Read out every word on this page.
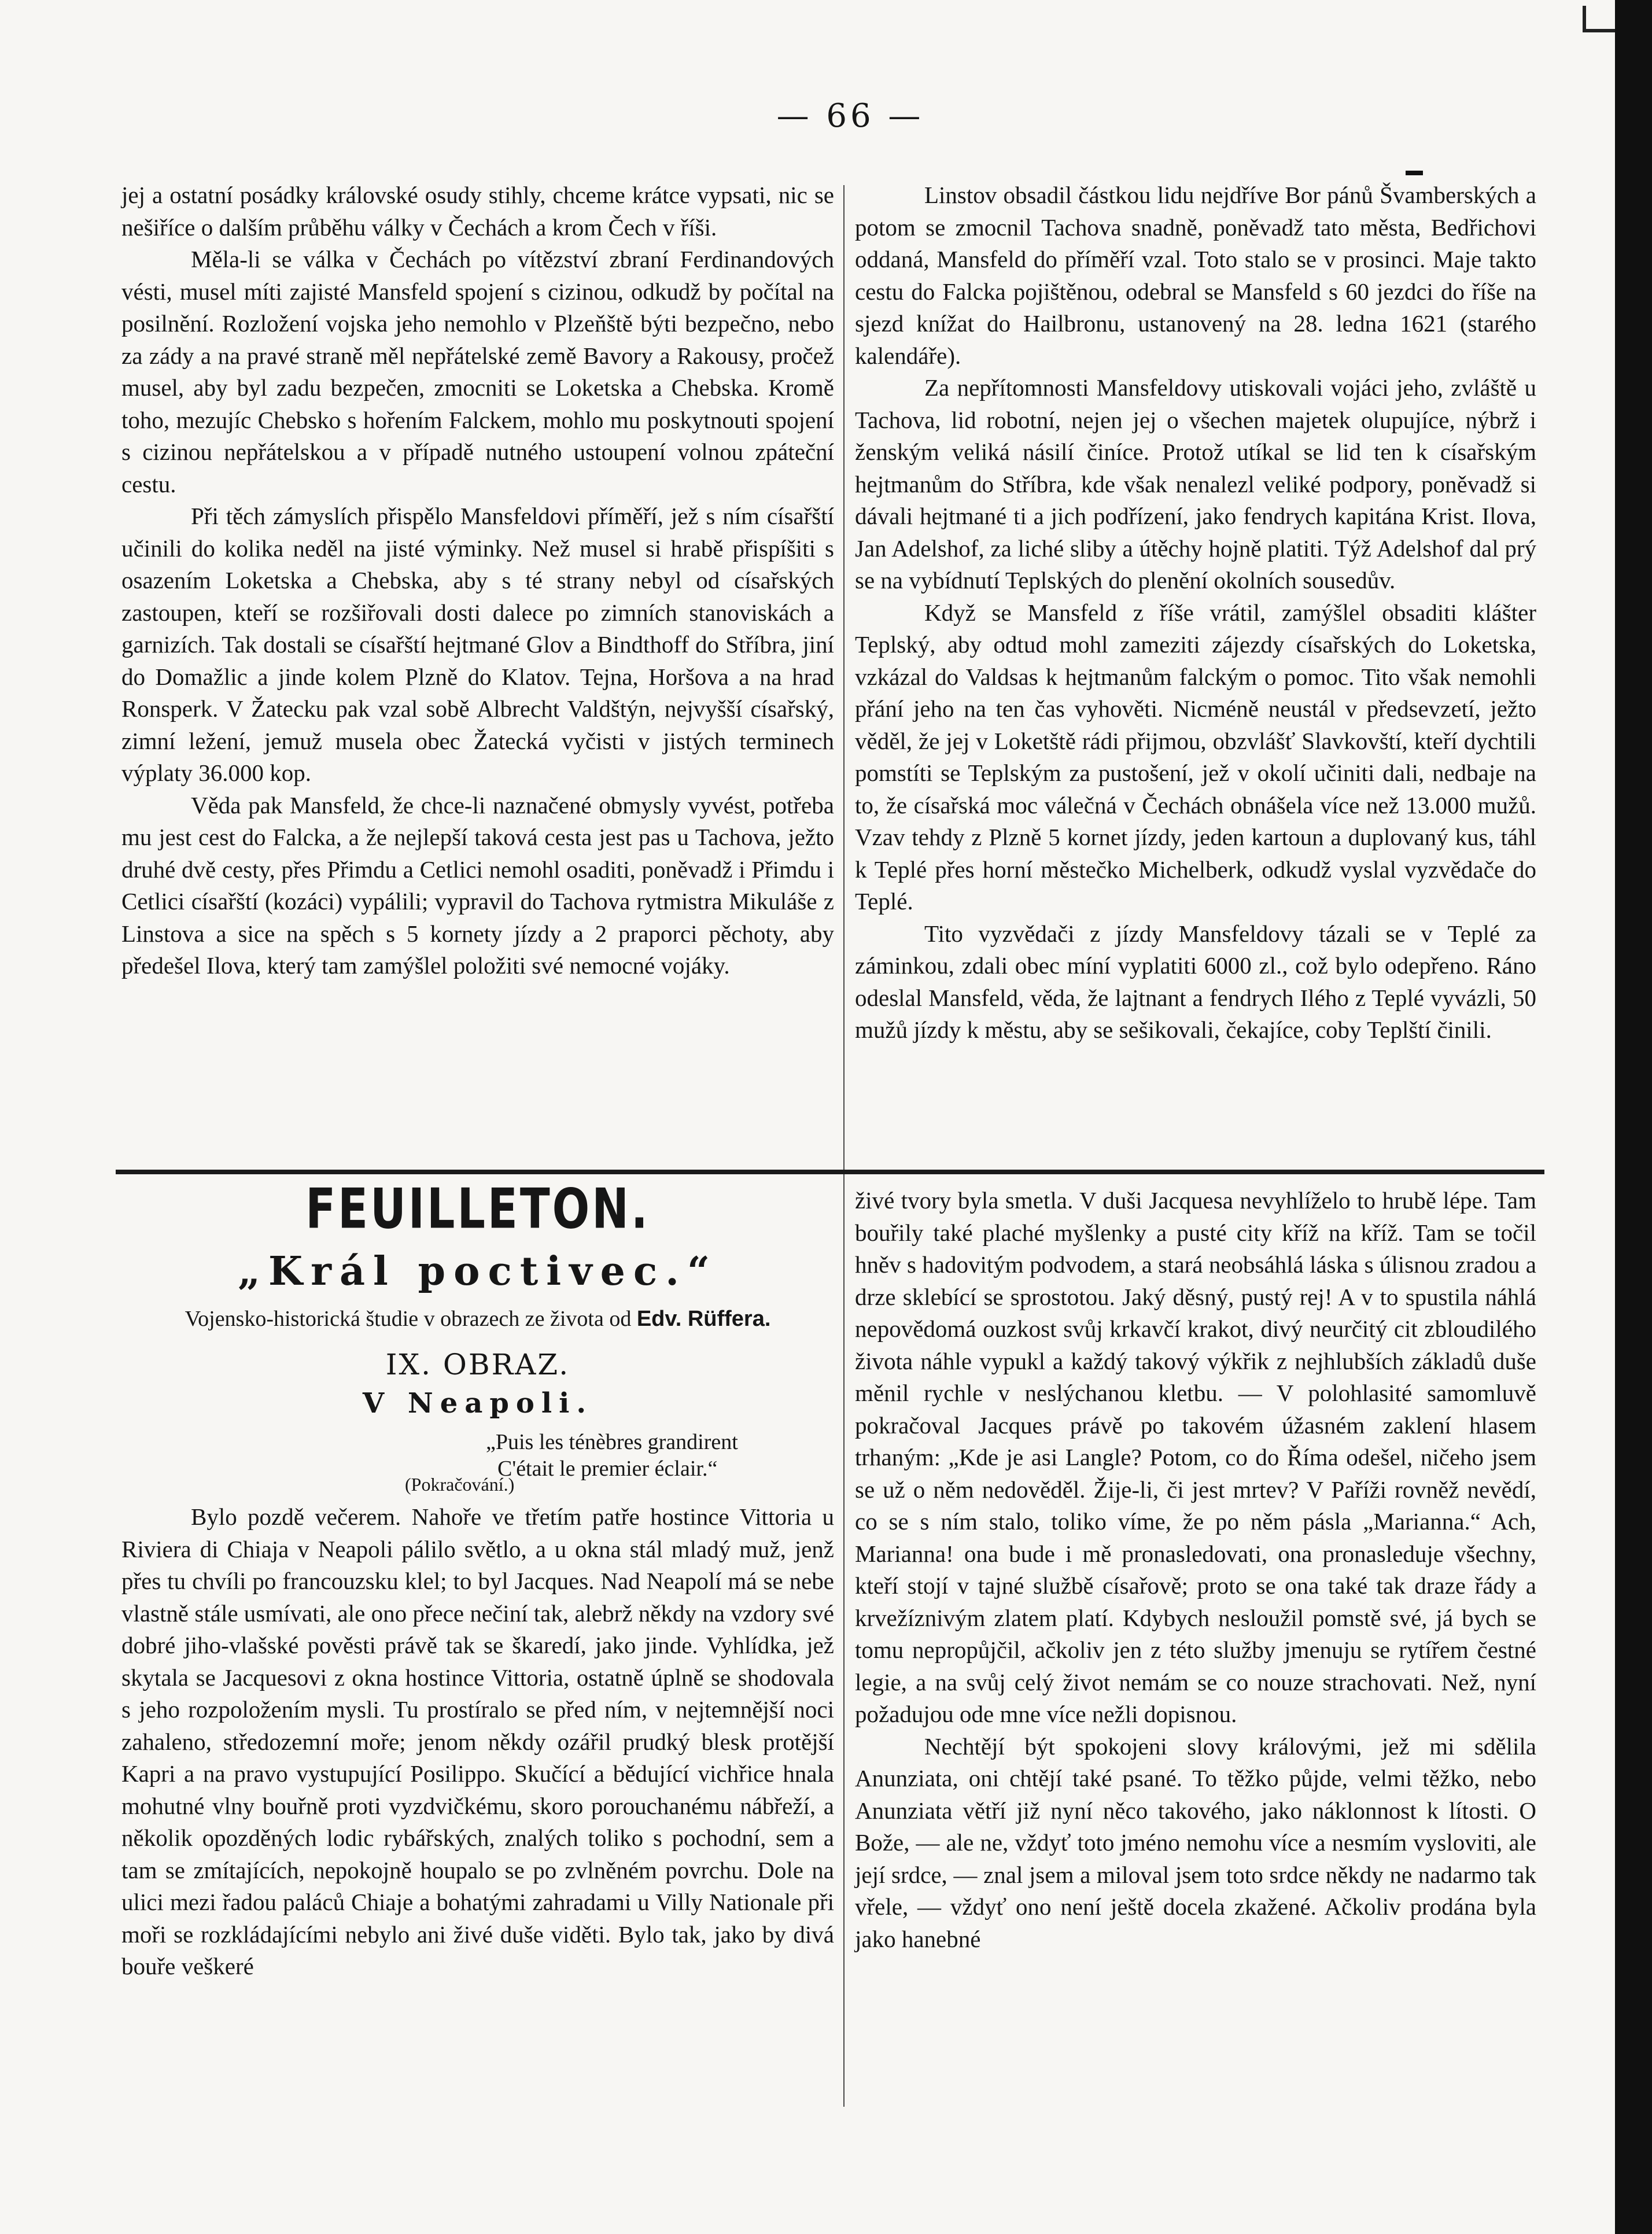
— 66 —

jej a ostatní posádky královské osudy stihly, chceme krátce vypsati, nic se nešiříce o dalším průběhu války v Čechách a krom Čech v říši.

Měla-li se válka v Čechách po vítězství zbraní Ferdinandových vésti, musel míti zajisté Mansfeld spojení s cizinou, odkudž by počítal na posilnění. Rozložení vojska jeho nemohlo v Plzeňště býti bezpečno, nebo za zády a na pravé straně měl nepřátelské země Bavory a Rakousy, pročež musel, aby byl zadu bezpečen, zmocniti se Loketska a Chebska. Kromě toho, mezujíc Chebsko s hořením Falckem, mohlo mu poskytnouti spojení s cizinou nepřátelskou a v případě nutného ustoupení volnou zpáteční cestu.

Při těch zámyslích přispělo Mansfeldovi příměří, jež s ním císařští učinili do kolika neděl na jisté výminky. Než musel si hrabě přispíšiti s osazením Loketska a Chebska, aby s té strany nebyl od císařských zastoupen, kteří se rozšiřovali dosti dalece po zimních stanoviskách a garnizích. Tak dostali se císařští hejtmané Glov a Bindthoff do Stříbra, jiní do Domažlic a jinde kolem Plzně do Klatov. Tejna, Horšova a na hrad Ronsperk. V Žatecku pak vzal sobě Albrecht Valdštýn, nejvyšší císařský, zimní ležení, jemuž musela obec Žatecká vyčisti v jistých terminech výplaty 36.000 kop.

Věda pak Mansfeld, že chce-li naznačené obmysly vyvést, potřeba mu jest cest do Falcka, a že nejlepší taková cesta jest pas u Tachova, ježto druhé dvě cesty, přes Přimdu a Cetlici nemohl osaditi, poněvadž i Přimdu i Cetlici císařští (kozáci) vypálili; vypravil do Tachova rytmistra Mikuláše z Linstova a sice na spěch s 5 kornety jízdy a 2 praporci pěchoty, aby předešel Ilova, který tam zamýšlel položiti své nemocné vojáky.

Linstov obsadil částkou lidu nejdříve Bor pánů Švamberských a potom se zmocnil Tachova snadně, poněvadž tato města, Bedřichovi oddaná, Mansfeld do příměří vzal. Toto stalo se v prosinci. Maje takto cestu do Falcka pojištěnou, odebral se Mansfeld s 60 jezdci do říše na sjezd knížat do Hailbronu, ustanovený na 28. ledna 1621 (starého kalendáře).

Za nepřítomnosti Mansfeldovy utiskovali vojáci jeho, zvláště u Tachova, lid robotní, nejen jej o všechen majetek olupujíce, nýbrž i ženským veliká násilí činíce. Protož utíkal se lid ten k císařským hejtmanům do Stříbra, kde však nenalezl veliké podpory, poněvadž si dávali hejtmané ti a jich podřízení, jako fendrych kapitána Krist. Ilova, Jan Adelshof, za liché sliby a útěchy hojně platiti. Týž Adelshof dal prý se na vybídnutí Teplských do plenění okolních sousedův.

Když se Mansfeld z říše vrátil, zamýšlel obsaditi klášter Teplský, aby odtud mohl zameziti zájezdy císařských do Loketska, vzkázal do Valdsas k hejtmanům falckým o pomoc. Tito však nemohli přání jeho na ten čas vyhověti. Nicméně neustál v předsevzetí, ježto věděl, že jej v Loketště rádi přijmou, obzvlášť Slavkovští, kteří dychtili pomstíti se Teplským za pustošení, jež v okolí učiniti dali, nedbaje na to, že císařská moc válečná v Čechách obnášela více než 13.000 mužů. Vzav tehdy z Plzně 5 kornet jízdy, jeden kartoun a duplovaný kus, táhl k Teplé přes horní městečko Michelberk, odkudž vyslal vyzvědače do Teplé.

Tito vyzvědači z jízdy Mansfeldovy tázali se v Teplé za záminkou, zdali obec míní vyplatiti 6000 zl., což bylo odepřeno. Ráno odeslal Mansfeld, věda, že lajtnant a fendrych Ilého z Teplé vyvázli, 50 mužů jízdy k městu, aby se sešikovali, čekajíce, coby Teplští činili.

FEUILLETON.
„Král poctivec.“
Vojensko-historická študie v obrazech ze života od Edv. Rüffera.
IX. OBRAZ.
V Neapoli.
„Puis les ténèbres grandirent
C'était le premier éclair.“
(Pokračování.)

Bylo pozdě večerem. Nahoře ve třetím patře hostince Vittoria u Riviera di Chiaja v Neapoli pálilo světlo, a u okna stál mladý muž, jenž přes tu chvíli po francouzsku klel; to byl Jacques. Nad Neapolí má se nebe vlastně stále usmívati, ale ono přece nečiní tak, alebrž někdy na vzdory své dobré jiho-vlašské pověsti právě tak se škaredí, jako jinde. Vyhlídka, jež skytala se Jacquesovi z okna hostince Vittoria, ostatně úplně se shodovala s jeho rozpoložením mysli. Tu prostíralo se před ním, v nejtemnější noci zahaleno, středozemní moře; jenom někdy ozářil prudký blesk protější Kapri a na pravo vystupující Posilippo. Skučící a bědující vichřice hnala mohutné vlny bouřně proti vyzdvičkému, skoro porouchanému nábřeží, a několik opozděných lodic rybářských, znalých toliko s pochodní, sem a tam se zmítajících, nepokojně houpalo se po zvlněném povrchu. Dole na ulici mezi řadou paláců Chiaje a bohatými zahradami u Villy Nationale při moři se rozkládajícími nebylo ani živé duše viděti. Bylo tak, jako by divá bouře veškeré

živé tvory byla smetla. V duši Jacquesa nevyhlíželo to hrubě lépe. Tam bouřily také plaché myšlenky a pusté city kříž na kříž. Tam se točil hněv s hadovitým podvodem, a stará neobsáhlá láska s úlisnou zradou a drze sklebící se sprostotou. Jaký děsný, pustý rej! A v to spustila náhlá nepovědomá ouzkost svůj krkavčí krakot, divý neurčitý cit zbloudilého života náhle vypukl a každý takový výkřik z nejhlubších základů duše měnil rychle v neslýchanou kletbu. — V polohlasité samomluvě pokračoval Jacques právě po takovém úžasném zaklení hlasem trhaným: „Kde je asi Langle? Potom, co do Říma odešel, ničeho jsem se už o něm nedověděl. Žije-li, či jest mrtev? V Paříži rovněž nevědí, co se s ním stalo, toliko víme, že po něm pásla „Marianna.“ Ach, Marianna! ona bude i mě pronasledovati, ona pronasleduje všechny, kteří stojí v tajné službě císařově; proto se ona také tak draze řády a krvežíznivým zlatem platí. Kdybych nesloužil pomstě své, já bych se tomu nepropůjčil, ačkoliv jen z této služby jmenuju se rytířem čestné legie, a na svůj celý život nemám se co nouze strachovati. Než, nyní požadujou ode mne více nežli dopisnou.

Nechtějí být spokojeni slovy královými, jež mi sdělila Anunziata, oni chtějí také psané. To těžko půjde, velmi těžko, nebo Anunziata větří již nyní něco takového, jako náklonnost k lítosti. O Bože, — ale ne, vždyť toto jméno nemohu více a nesmím vysloviti, ale její srdce, — znal jsem a miloval jsem toto srdce někdy ne nadarmo tak vřele, — vždyť ono není ještě docela zkažené. Ačkoliv prodána byla jako hanebné
